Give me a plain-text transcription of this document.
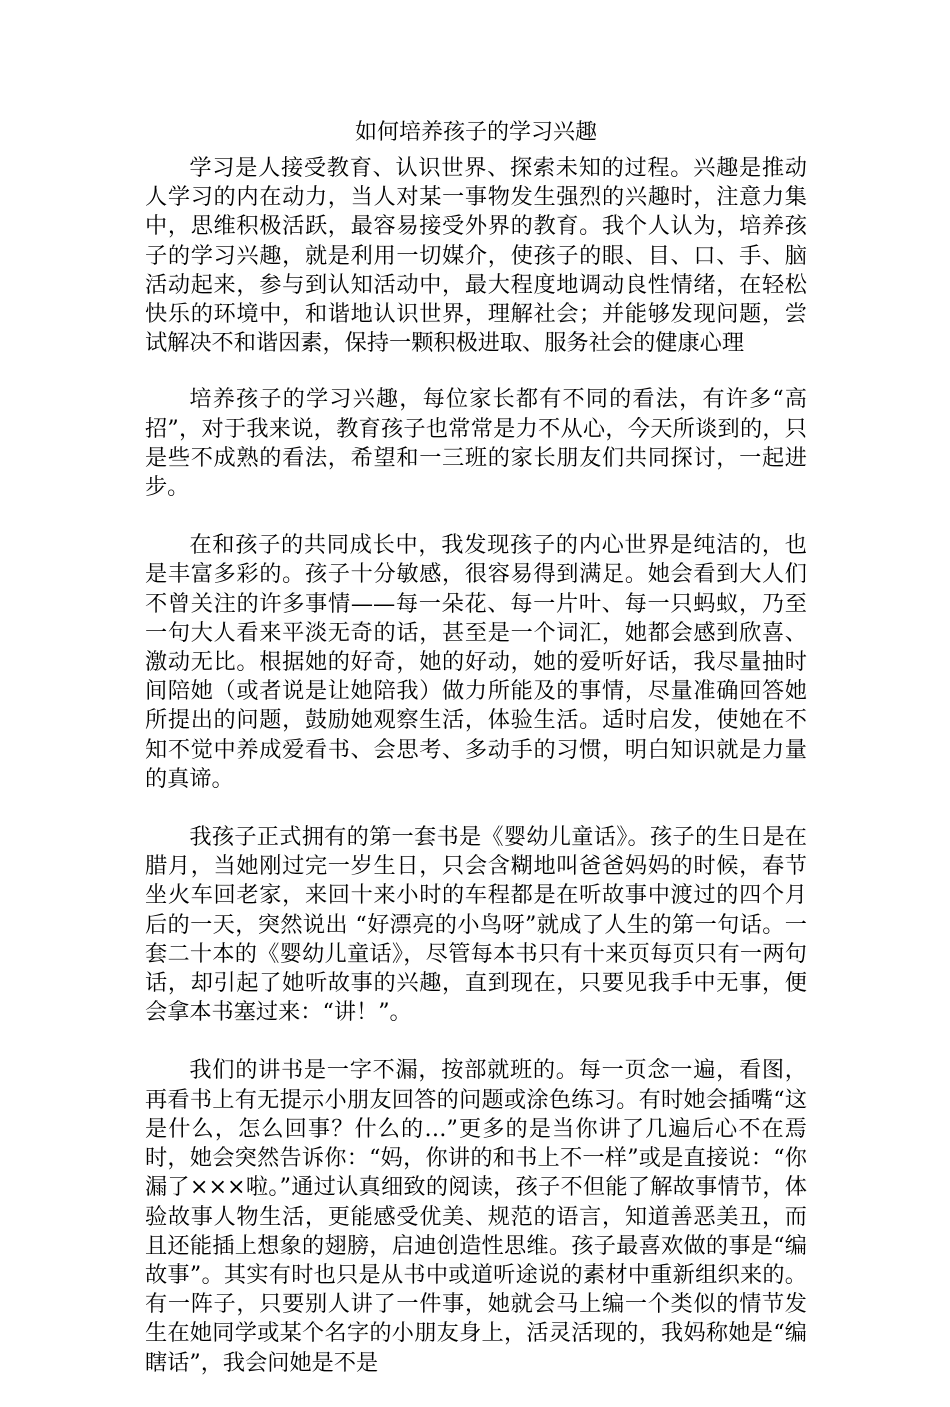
如何培养孩子的学习兴趣

学习是人接受教育、认识世界、探索未知的过程。兴趣是推动人学习的内在动力，当人对某一事物发生强烈的兴趣时，注意力集中，思维积极活跃，最容易接受外界的教育。我个人认为，培养孩子的学习兴趣，就是利用一切媒介，使孩子的眼、目、口、手、脑活动起来，参与到认知活动中，最大程度地调动良性情绪，在轻松快乐的环境中，和谐地认识世界，理解社会；并能够发现问题，尝试解决不和谐因素，保持一颗积极进取、服务社会的健康心理

培养孩子的学习兴趣，每位家长都有不同的看法，有许多“高招”，对于我来说，教育孩子也常常是力不从心，今天所谈到的，只是些不成熟的看法，希望和一三班的家长朋友们共同探讨，一起进步。

在和孩子的共同成长中，我发现孩子的内心世界是纯洁的，也是丰富多彩的。孩子十分敏感，很容易得到满足。她会看到大人们不曾关注的许多事情——每一朵花、每一片叶、每一只蚂蚁，乃至一句大人看来平淡无奇的话，甚至是一个词汇，她都会感到欣喜、激动无比。根据她的好奇，她的好动，她的爱听好话，我尽量抽时间陪她（或者说是让她陪我）做力所能及的事情，尽量准确回答她所提出的问题，鼓励她观察生活，体验生活。适时启发，使她在不知不觉中养成爱看书、会思考、多动手的习惯，明白知识就是力量的真谛。

我孩子正式拥有的第一套书是《婴幼儿童话》。孩子的生日是在腊月，当她刚过完一岁生日，只会含糊地叫爸爸妈妈的时候，春节坐火车回老家，来回十来小时的车程都是在听故事中渡过的四个月后的一天，突然说出 “好漂亮的小鸟呀”就成了人生的第一句话。一套二十本的《婴幼儿童话》，尽管每本书只有十来页每页只有一两句话，却引起了她听故事的兴趣，直到现在，只要见我手中无事，便会拿本书塞过来：“讲！”。

我们的讲书是一字不漏，按部就班的。每一页念一遍，看图，再看书上有无提示小朋友回答的问题或涂色练习。有时她会插嘴“这是什么，怎么回事？什么的…”更多的是当你讲了几遍后心不在焉时，她会突然告诉你：“妈，你讲的和书上不一样”或是直接说：“你漏了×××啦。”通过认真细致的阅读，孩子不但能了解故事情节，体验故事人物生活，更能感受优美、规范的语言，知道善恶美丑，而且还能插上想象的翅膀，启迪创造性思维。孩子最喜欢做的事是“编故事”。其实有时也只是从书中或道听途说的素材中重新组织来的。有一阵子，只要别人讲了一件事，她就会马上编一个类似的情节发生在她同学或某个名字的小朋友身上，活灵活现的，我妈称她是“编瞎话”，我会问她是不是
